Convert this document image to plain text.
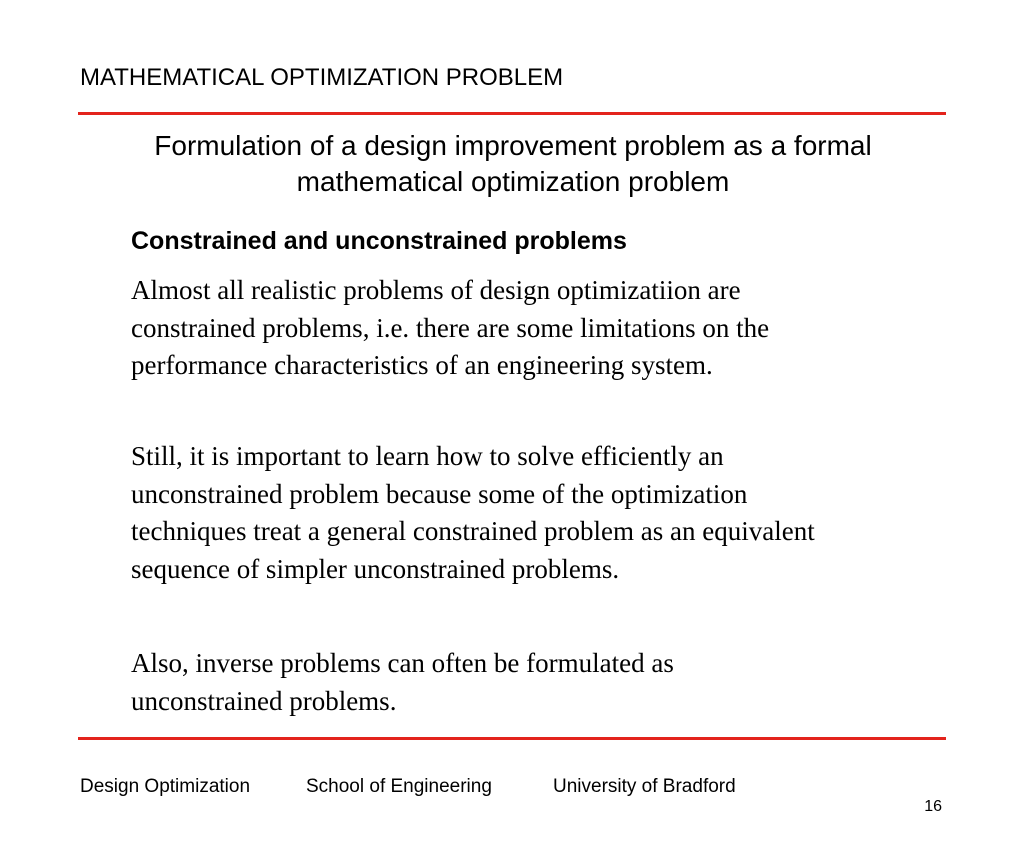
MATHEMATICAL OPTIMIZATION PROBLEM
Formulation of a design improvement problem as a formal
mathematical optimization problem
Constrained and unconstrained problems
Almost all realistic problems of design optimizatiion are
constrained problems, i.e. there are some limitations on the
performance characteristics of an engineering system.
Still, it is important to learn how to solve efficiently an
unconstrained problem because some of the optimization
techniques treat a general constrained problem as an equivalent
sequence of simpler unconstrained problems.
Also, inverse problems can often be formulated as
unconstrained problems.
Design Optimization	School of Engineering	University of Bradford
16
